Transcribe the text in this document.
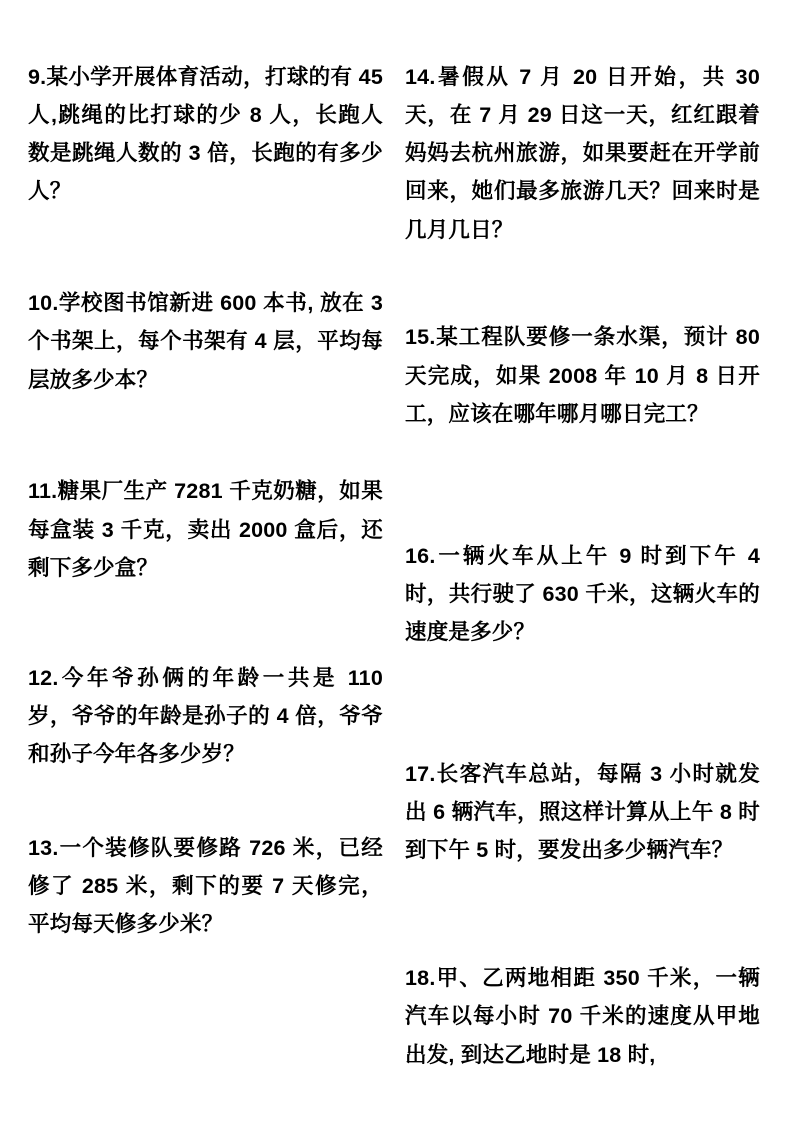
9.某小学开展体育活动，打球的有 45 人,跳绳的比打球的少 8 人，长跑人数是跳绳人数的 3 倍，长跑的有多少人？

10.学校图书馆新进 600 本书, 放在 3 个书架上，每个书架有 4 层，平均每层放多少本？

11.糖果厂生产 7281 千克奶糖，如果每盒装 3 千克，卖出 2000 盒后，还剩下多少盒？

12.今年爷孙俩的年龄一共是 110 岁，爷爷的年龄是孙子的 4 倍，爷爷和孙子今年各多少岁？

13.一个装修队要修路 726 米，已经修了 285 米，剩下的要 7 天修完，平均每天修多少米？

14.暑假从 7 月 20 日开始，共 30 天，在 7 月 29 日这一天，红红跟着妈妈去杭州旅游，如果要赶在开学前回来，她们最多旅游几天？回来时是几月几日？

15.某工程队要修一条水渠，预计 80 天完成，如果 2008 年 10 月 8 日开工，应该在哪年哪月哪日完工？

16.一辆火车从上午 9 时到下午 4 时，共行驶了 630 千米，这辆火车的速度是多少？

17.长客汽车总站，每隔 3 小时就发出 6 辆汽车，照这样计算从上午 8 时到下午 5 时，要发出多少辆汽车？

18.甲、乙两地相距 350 千米，一辆汽车以每小时 70 千米的速度从甲地出发, 到达乙地时是 18 时,
